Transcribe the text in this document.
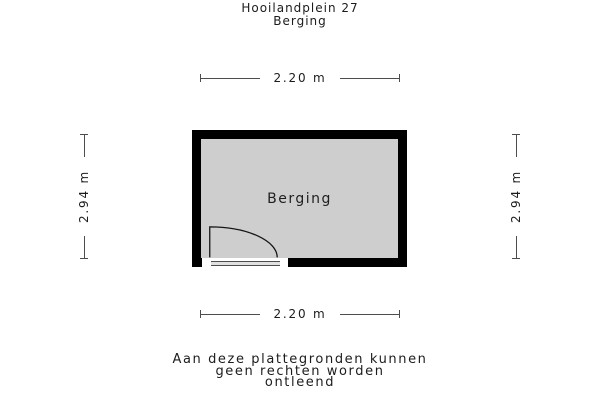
Hooilandplein 27
Berging
2.20 m
2.20 m
2.94 m	2.94 m
Berging
Aan deze plattegronden kunnen
geen rechten worden
ontleend
